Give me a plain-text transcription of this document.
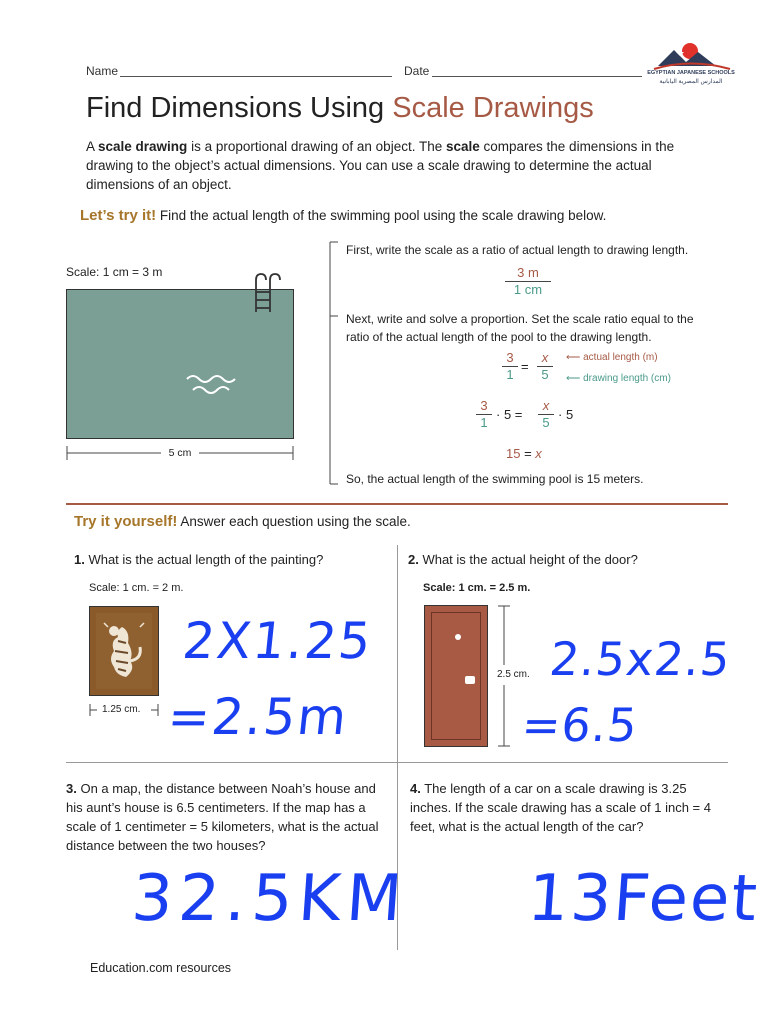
Name	Date	EGYPTIAN JAPANESE SCHOOLS
المدارس المصرية اليابانية
Find Dimensions Using Scale Drawings
A scale drawing is a proportional drawing of an object. The scale compares the dimensions in the drawing to the object’s actual dimensions. You can use a scale drawing to determine the actual dimensions of an object.
Let’s try it! Find the actual length of the swimming pool using the scale drawing below.
Scale: 1 cm = 3 m
5 cm
First, write the scale as a ratio of actual length to drawing length.
$\frac{3 m}{1 cm}$
Next, write and solve a proportion. Set the scale ratio equal to the ratio of the actual length of the pool to the drawing length.
$\frac{3}{1} = \frac{x}{5}$ ⟵ actual length (m)
⟵ drawing length (cm)
$\frac{3}{1} \cdot 5 = \frac{x}{5} \cdot 5$
15 = x
So, the actual length of the swimming pool is 15 meters.
Try it yourself! Answer each question using the scale.
1. What is the actual length of the painting?
Scale: 1 cm. = 2 m.
1.25 cm.
2X1.25
=2.5m
2. What is the actual height of the door?
Scale: 1 cm. = 2.5 m.
2.5 cm. 2.5x2.5
=6.5
3. On a map, the distance between Noah’s house and his aunt’s house is 6.5 centimeters. If the map has a scale of 1 centimeter = 5 kilometers, what is the actual distance between the two houses?
32.5KM
4. The length of a car on a scale drawing is 3.25 inches. If the scale drawing has a scale of 1 inch = 4 feet, what is the actual length of the car?
13Feet
Education.com resources
